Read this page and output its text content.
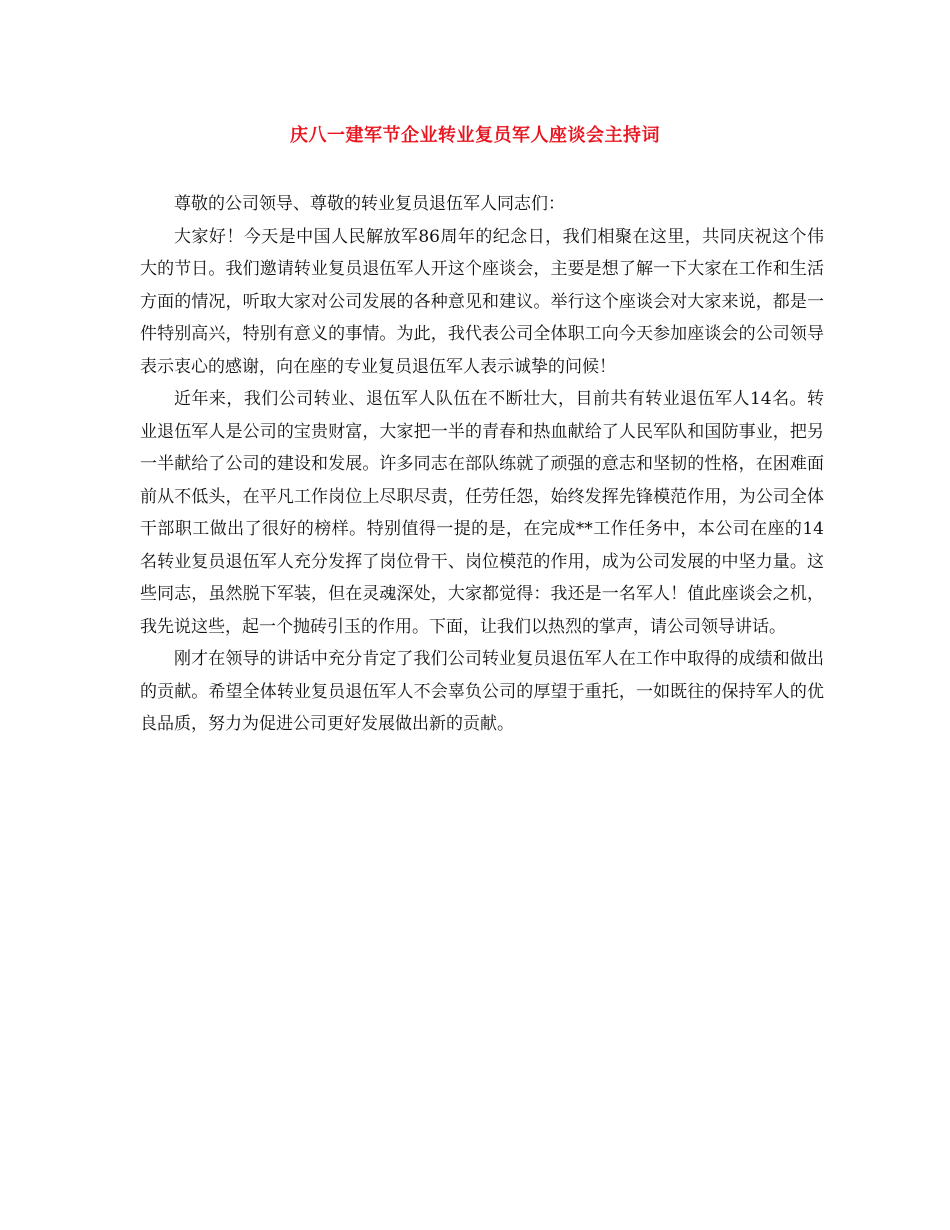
庆八一建军节企业转业复员军人座谈会主持词

尊敬的公司领导、尊敬的转业复员退伍军人同志们：

大家好！今天是中国人民解放军86周年的纪念日，我们相聚在这里，共同庆祝这个伟大的节日。我们邀请转业复员退伍军人开这个座谈会，主要是想了解一下大家在工作和生活方面的情况，听取大家对公司发展的各种意见和建议。举行这个座谈会对大家来说，都是一件特别高兴，特别有意义的事情。为此，我代表公司全体职工向今天参加座谈会的公司领导表示衷心的感谢，向在座的专业复员退伍军人表示诚挚的问候！

近年来，我们公司转业、退伍军人队伍在不断壮大，目前共有转业退伍军人14名。转业退伍军人是公司的宝贵财富，大家把一半的青春和热血献给了人民军队和国防事业，把另一半献给了公司的建设和发展。许多同志在部队练就了顽强的意志和坚韧的性格，在困难面前从不低头，在平凡工作岗位上尽职尽责，任劳任怨，始终发挥先锋模范作用，为公司全体干部职工做出了很好的榜样。特别值得一提的是，在完成**工作任务中，本公司在座的14名转业复员退伍军人充分发挥了岗位骨干、岗位模范的作用，成为公司发展的中坚力量。这些同志，虽然脱下军装，但在灵魂深处，大家都觉得：我还是一名军人！值此座谈会之机，我先说这些，起一个抛砖引玉的作用。下面，让我们以热烈的掌声，请公司领导讲话。

刚才在领导的讲话中充分肯定了我们公司转业复员退伍军人在工作中取得的成绩和做出的贡献。希望全体转业复员退伍军人不会辜负公司的厚望于重托，一如既往的保持军人的优良品质，努力为促进公司更好发展做出新的贡献。
